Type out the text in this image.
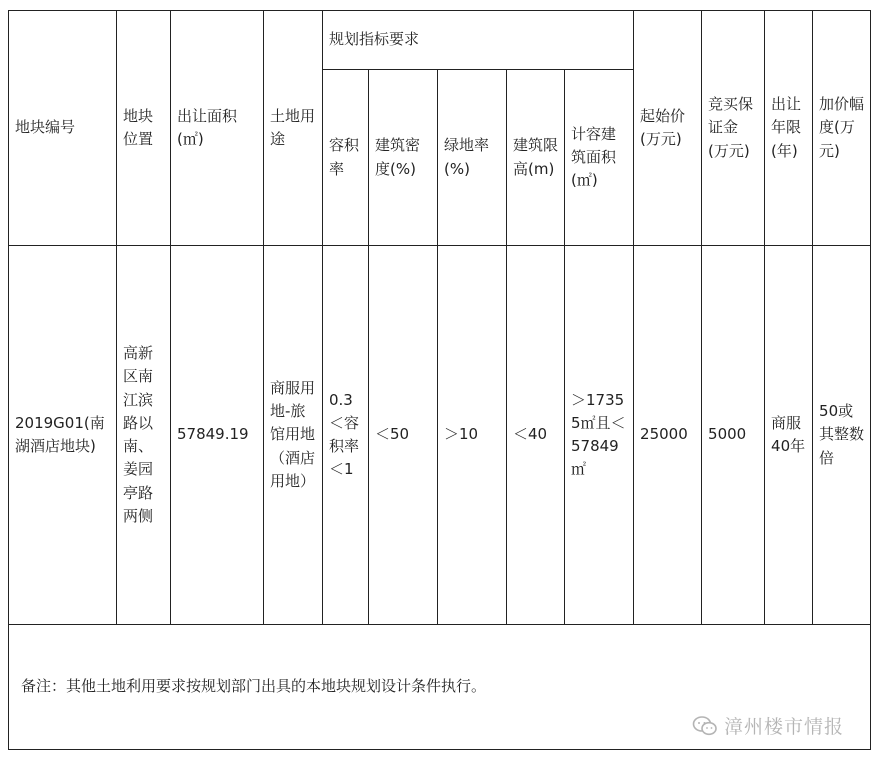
地块编号	地块位置	出让面积(㎡)	土地用途	规划指标要求					起始价(万元)	竞买保证金(万元)	出让年限(年)	加价幅度(万元)
				容积率	建筑密度(%)	绿地率(%)	建筑限高(m)	计容建筑面积(㎡)				
2019G01(南湖酒店地块)	高新区南江滨路以南、姜园亭路两侧	57849.19	商服用地-旅馆用地（酒店用地）	0.3＜容积率＜1	＜50	＞10	＜40	＞17355㎡且＜57849㎡	25000	5000	商服40年	50或其整数倍
备注：其他土地利用要求按规划部门出具的本地块规划设计条件执行。												
漳州楼市情报
